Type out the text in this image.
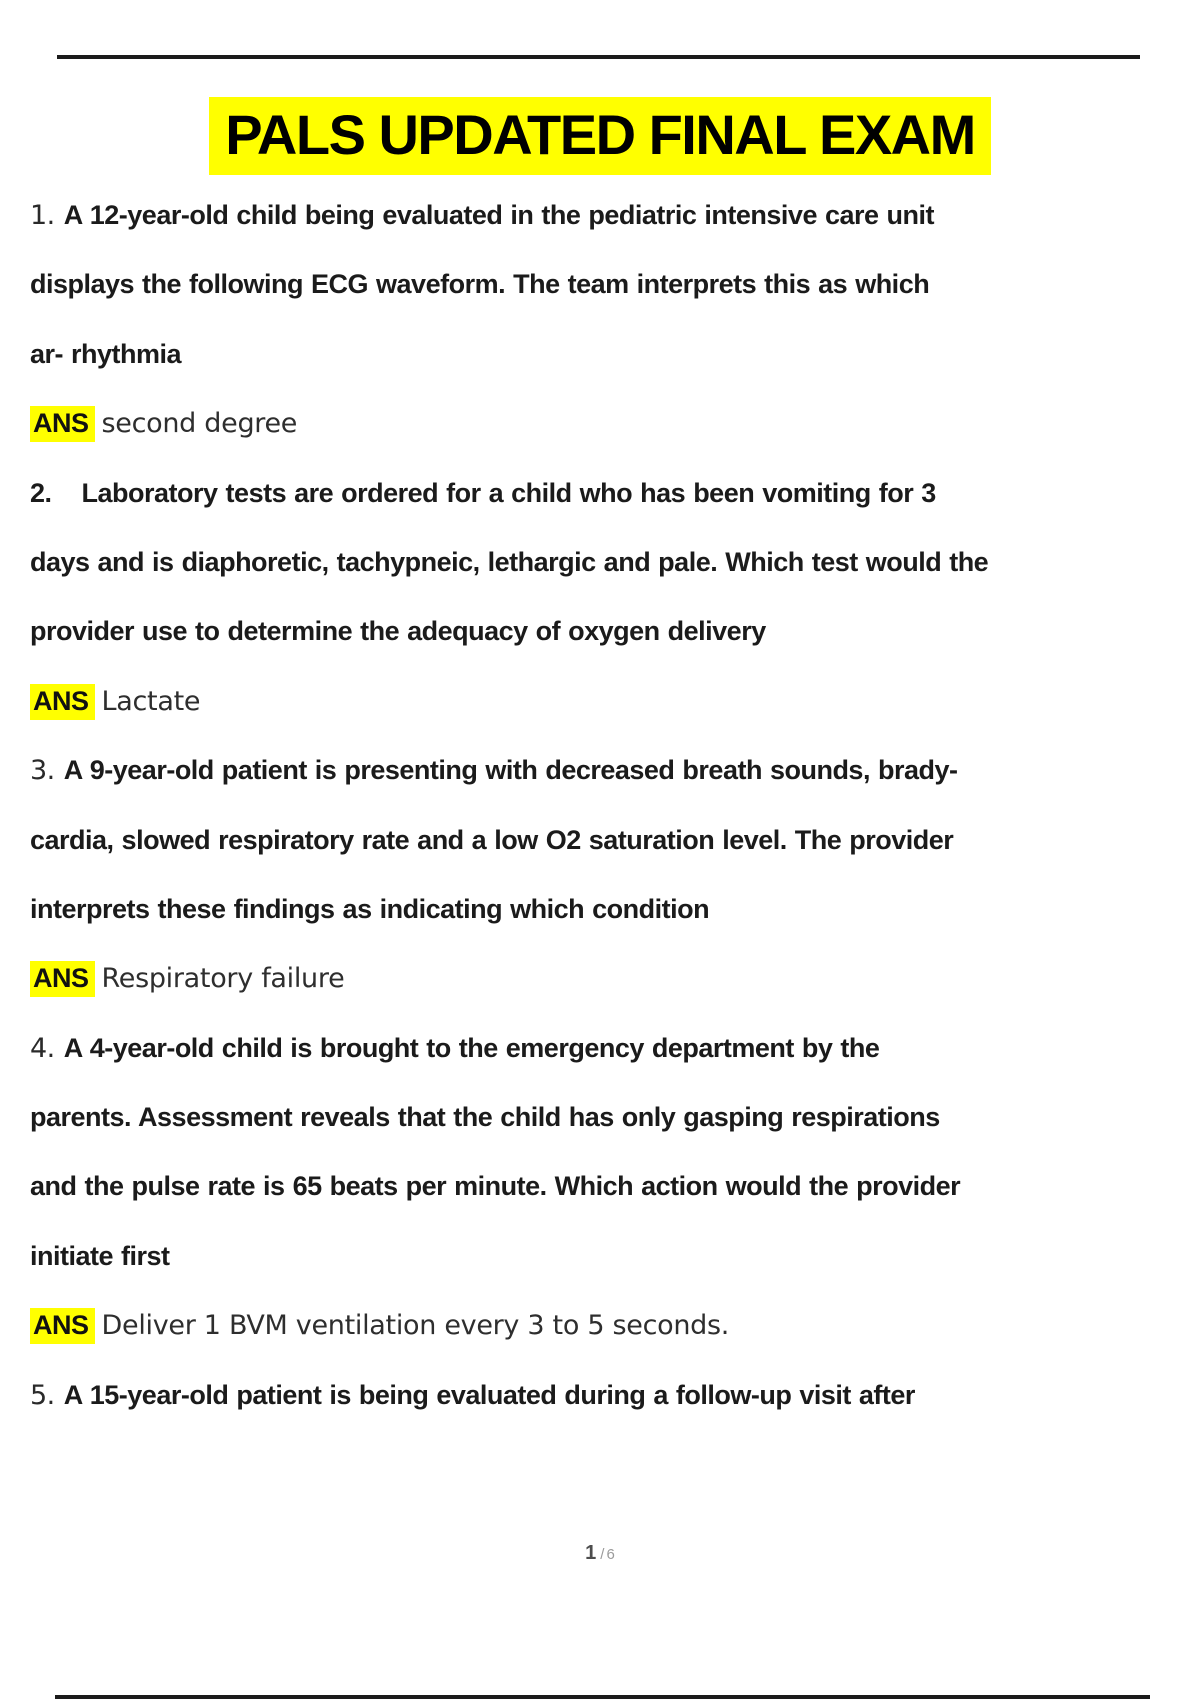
PALS UPDATED FINAL EXAM
1. A 12-year-old child being evaluated in the pediatric intensive care unit
displays the following ECG waveform. The team interprets this as which
ar- rhythmia
ANS second degree
2. Laboratory tests are ordered for a child who has been vomiting for 3
days and is diaphoretic, tachypneic, lethargic and pale. Which test would the
provider use to determine the adequacy of oxygen delivery
ANS Lactate
3. A 9-year-old patient is presenting with decreased breath sounds, brady-
cardia, slowed respiratory rate and a low O2 saturation level. The provider
interprets these findings as indicating which condition
ANS Respiratory failure
4. A 4-year-old child is brought to the emergency department by the
parents. Assessment reveals that the child has only gasping respirations
and the pulse rate is 65 beats per minute. Which action would the provider
initiate first
ANS Deliver 1 BVM ventilation every 3 to 5 seconds.
5. A 15-year-old patient is being evaluated during a follow-up visit after
1 / 6
